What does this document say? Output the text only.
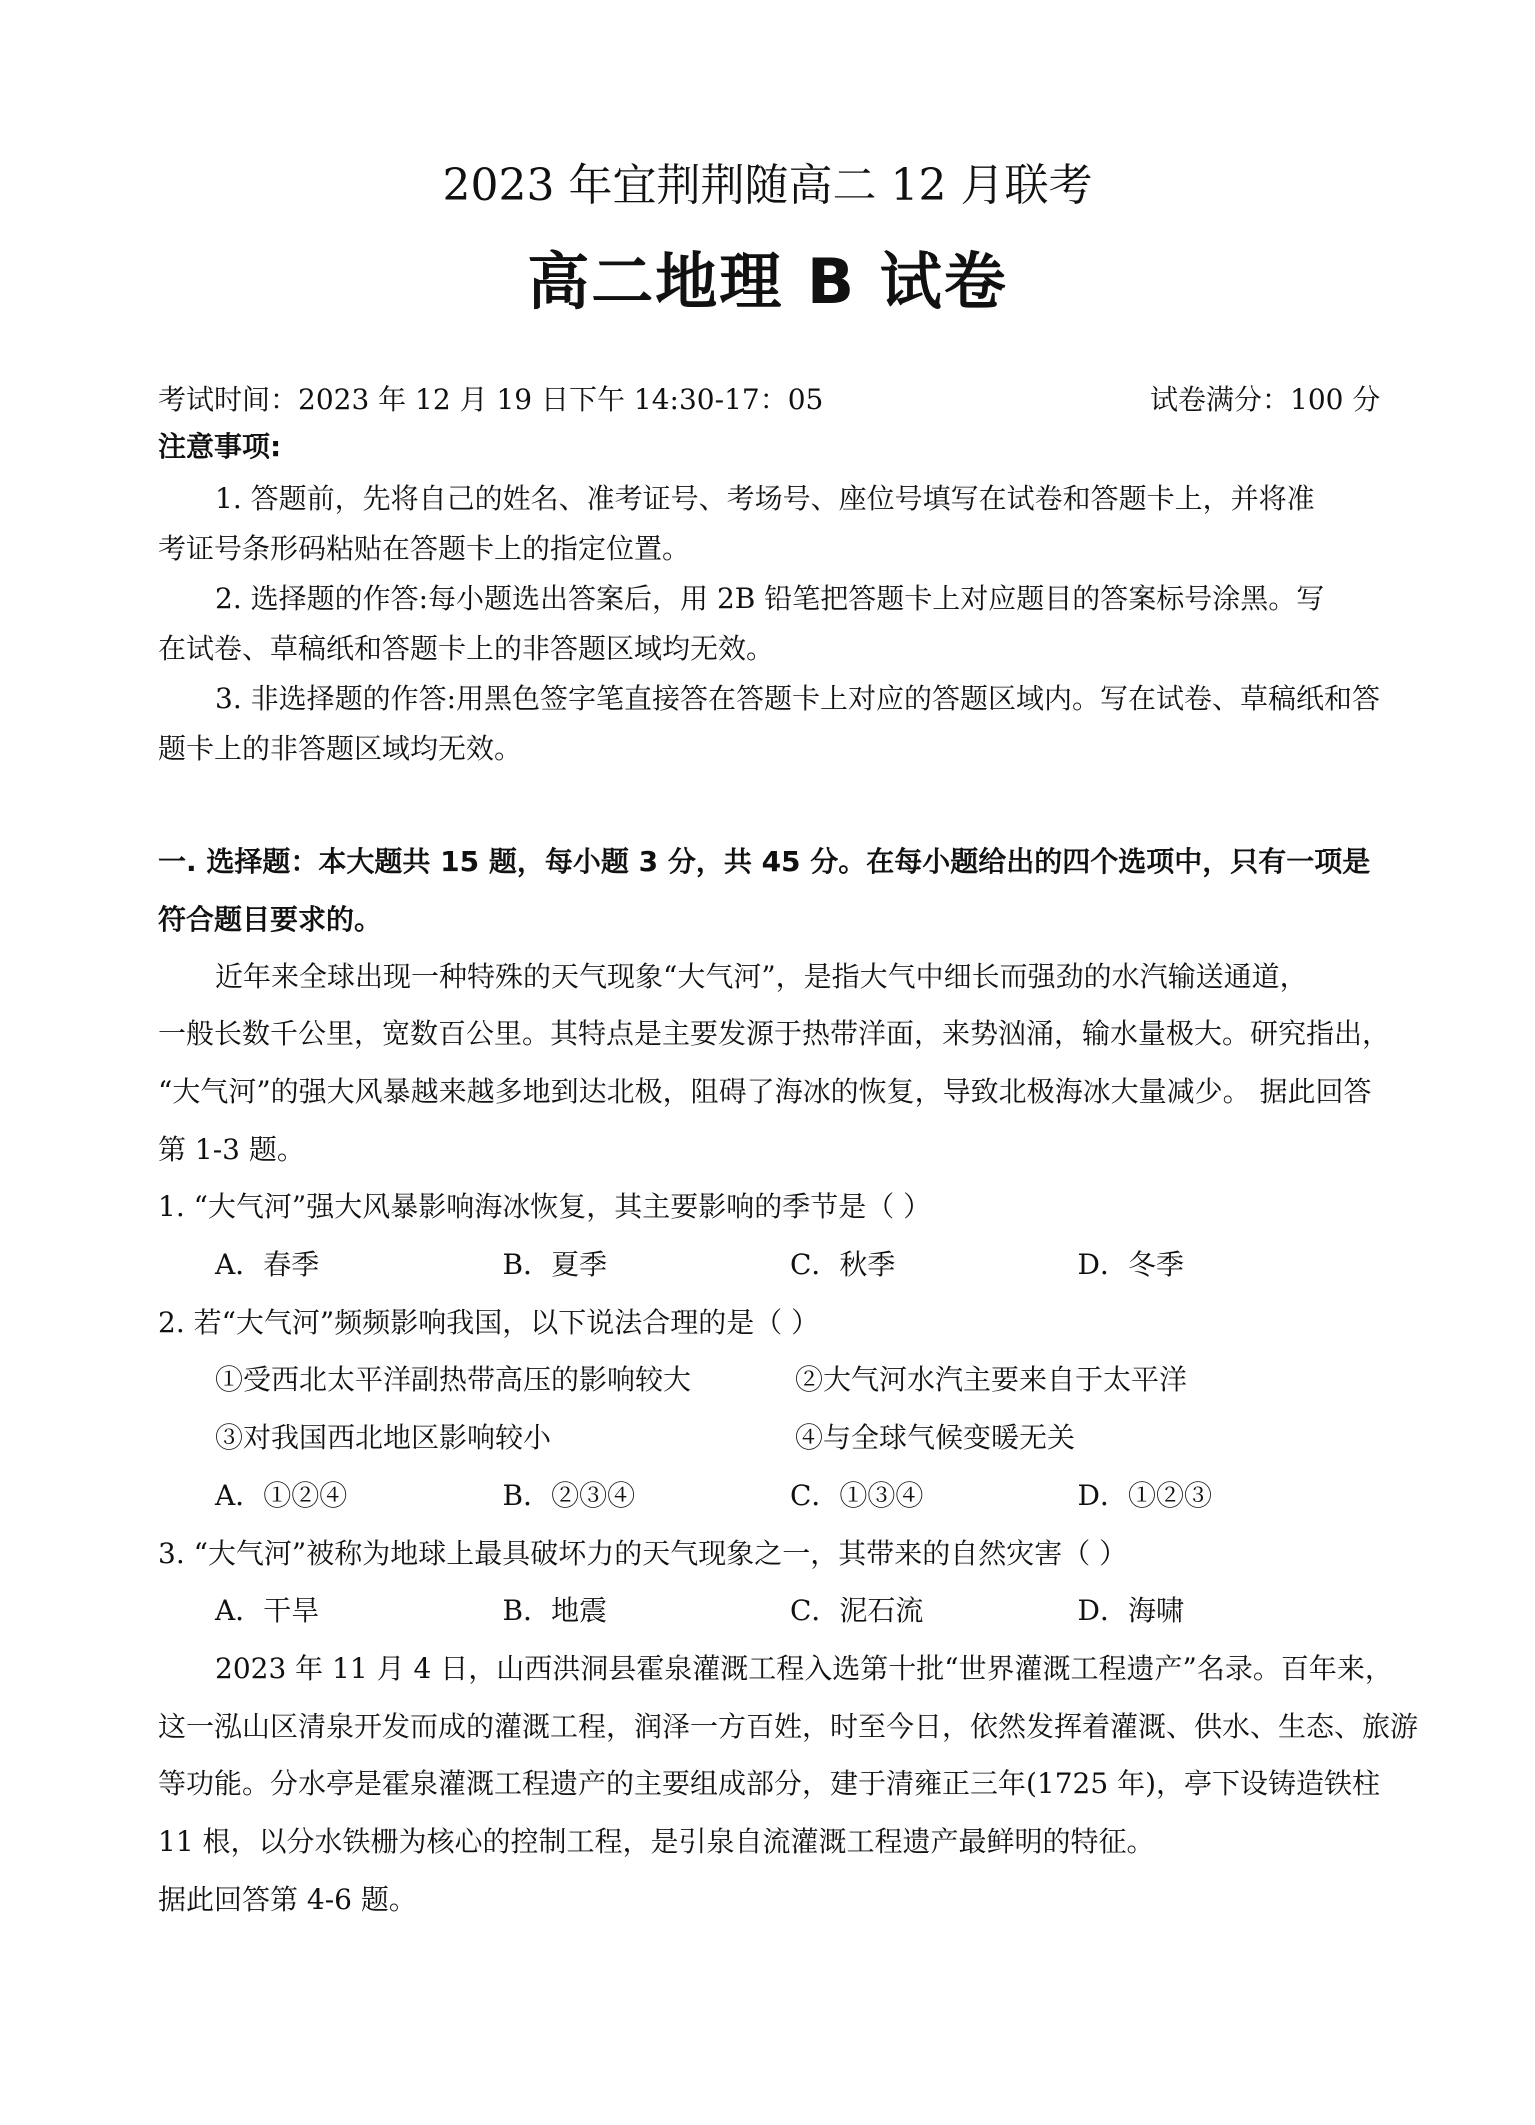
2023 年宜荆荆随高二 12 月联考
高二地理 B 试卷
考试时间：2023 年 12 月 19 日下午 14:30-17：05	试卷满分：100 分
注意事项:
1. 答题前，先将自己的姓名、准考证号、考场号、座位号填写在试卷和答题卡上，并将准
考证号条形码粘贴在答题卡上的指定位置。
2. 选择题的作答:每小题选出答案后，用 2B 铅笔把答题卡上对应题目的答案标号涂黑。写
在试卷、草稿纸和答题卡上的非答题区域均无效。
3. 非选择题的作答:用黑色签字笔直接答在答题卡上对应的答题区域内。写在试卷、草稿纸和答
题卡上的非答题区域均无效。
一. 选择题：本大题共 15 题，每小题 3 分，共 45 分。在每小题给出的四个选项中，只有一项是
符合题目要求的。
近年来全球出现一种特殊的天气现象“大气河”，是指大气中细长而强劲的水汽输送通道，
一般长数千公里，宽数百公里。其特点是主要发源于热带洋面，来势汹涌，输水量极大。研究指出，
“大气河”的强大风暴越来越多地到达北极，阻碍了海冰的恢复，导致北极海冰大量减少。 据此回答
第 1-3 题。
1. “大气河”强大风暴影响海冰恢复，其主要影响的季节是（ ）
A．春季	B．夏季	C．秋季	D．冬季
2. 若“大气河”频频影响我国，以下说法合理的是（ ）
①受西北太平洋副热带高压的影响较大	②大气河水汽主要来自于太平洋
③对我国西北地区影响较小	④与全球气候变暖无关
A．①②④	B．②③④	C．①③④	D．①②③
3. “大气河”被称为地球上最具破坏力的天气现象之一，其带来的自然灾害（ ）
A．干旱	B．地震	C．泥石流	D．海啸
2023 年 11 月 4 日，山西洪洞县霍泉灌溉工程入选第十批“世界灌溉工程遗产”名录。百年来，
这一泓山区清泉开发而成的灌溉工程，润泽一方百姓，时至今日，依然发挥着灌溉、供水、生态、旅游
等功能。分水亭是霍泉灌溉工程遗产的主要组成部分，建于清雍正三年(1725 年)，亭下设铸造铁柱
11 根，以分水铁栅为核心的控制工程，是引泉自流灌溉工程遗产最鲜明的特征。
据此回答第 4-6 题。
